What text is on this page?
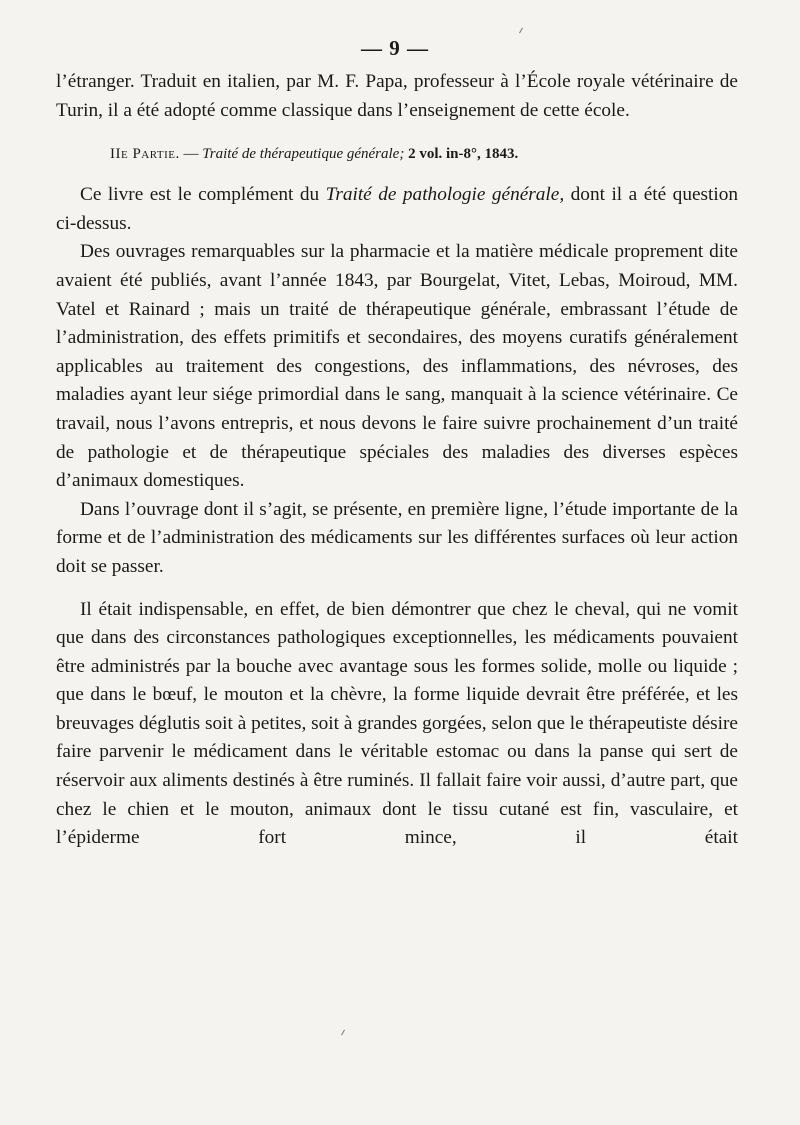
— 9 —

l’étranger. Traduit en italien, par M. F. Papa, professeur à l’École royale vétérinaire de Turin, il a été adopté comme classique dans l’enseignement de cette école.

IIe Partie. — Traité de thérapeutique générale; 2 vol. in-8°, 1843.

Ce livre est le complément du Traité de pathologie générale, dont il a été question ci-dessus.

Des ouvrages remarquables sur la pharmacie et la matière médicale proprement dite avaient été publiés, avant l’année 1843, par Bourgelat, Vitet, Lebas, Moiroud, MM. Vatel et Rainard ; mais un traité de thérapeutique générale, embrassant l’étude de l’administration, des effets primitifs et secondaires, des moyens curatifs généralement applicables au traitement des congestions, des inflammations, des névroses, des maladies ayant leur siége primordial dans le sang, manquait à la science vétérinaire. Ce travail, nous l’avons entrepris, et nous devons le faire suivre prochainement d’un traité de pathologie et de thérapeutique spéciales des maladies des diverses espèces d’animaux domestiques.

Dans l’ouvrage dont il s’agit, se présente, en première ligne, l’étude importante de la forme et de l’administration des médicaments sur les différentes surfaces où leur action doit se passer.

Il était indispensable, en effet, de bien démontrer que chez le cheval, qui ne vomit que dans des circonstances pathologiques exceptionnelles, les médicaments pouvaient être administrés par la bouche avec avantage sous les formes solide, molle ou liquide ; que dans le bœuf, le mouton et la chèvre, la forme liquide devrait être préférée, et les breuvages déglutis soit à petites, soit à grandes gorgées, selon que le thérapeutiste désire faire parvenir le médicament dans le véritable estomac ou dans la panse qui sert de réservoir aux aliments destinés à être ruminés. Il fallait faire voir aussi, d’autre part, que chez le chien et le mouton, animaux dont le tissu cutané est fin, vasculaire, et l’épiderme fort mince, il était
